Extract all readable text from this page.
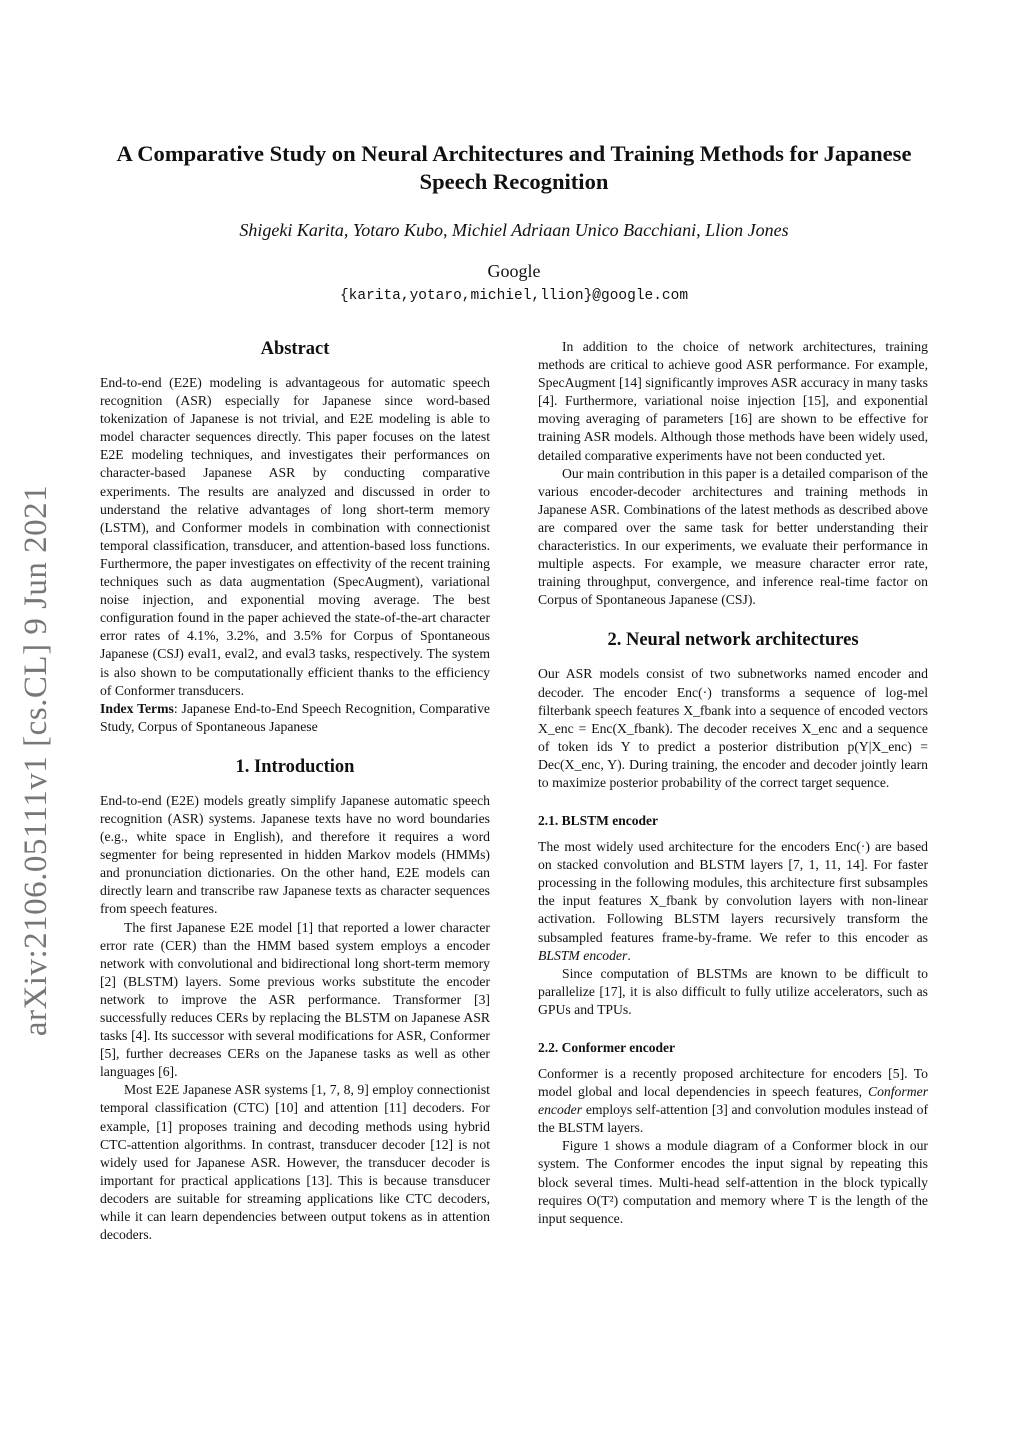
arXiv:2106.05111v1 [cs.CL] 9 Jun 2021
A Comparative Study on Neural Architectures and Training Methods for Japanese Speech Recognition
Shigeki Karita, Yotaro Kubo, Michiel Adriaan Unico Bacchiani, Llion Jones
Google
{karita,yotaro,michiel,llion}@google.com
Abstract

End-to-end (E2E) modeling is advantageous for automatic speech recognition (ASR) especially for Japanese since word-based tokenization of Japanese is not trivial, and E2E modeling is able to model character sequences directly. This paper focuses on the latest E2E modeling techniques, and investigates their performances on character-based Japanese ASR by conducting comparative experiments. The results are analyzed and discussed in order to understand the relative advantages of long short-term memory (LSTM), and Conformer models in combination with connectionist temporal classification, transducer, and attention-based loss functions. Furthermore, the paper investigates on effectivity of the recent training techniques such as data augmentation (SpecAugment), variational noise injection, and exponential moving average. The best configuration found in the paper achieved the state-of-the-art character error rates of 4.1%, 3.2%, and 3.5% for Corpus of Spontaneous Japanese (CSJ) eval1, eval2, and eval3 tasks, respectively. The system is also shown to be computationally efficient thanks to the efficiency of Conformer transducers.

Index Terms: Japanese End-to-End Speech Recognition, Comparative Study, Corpus of Spontaneous Japanese

1. Introduction

End-to-end (E2E) models greatly simplify Japanese automatic speech recognition (ASR) systems. Japanese texts have no word boundaries (e.g., white space in English), and therefore it requires a word segmenter for being represented in hidden Markov models (HMMs) and pronunciation dictionaries. On the other hand, E2E models can directly learn and transcribe raw Japanese texts as character sequences from speech features.

The first Japanese E2E model [1] that reported a lower character error rate (CER) than the HMM based system employs a encoder network with convolutional and bidirectional long short-term memory [2] (BLSTM) layers. Some previous works substitute the encoder network to improve the ASR performance. Transformer [3] successfully reduces CERs by replacing the BLSTM on Japanese ASR tasks [4]. Its successor with several modifications for ASR, Conformer [5], further decreases CERs on the Japanese tasks as well as other languages [6].

Most E2E Japanese ASR systems [1, 7, 8, 9] employ connectionist temporal classification (CTC) [10] and attention [11] decoders. For example, [1] proposes training and decoding methods using hybrid CTC-attention algorithms. In contrast, transducer decoder [12] is not widely used for Japanese ASR. However, the transducer decoder is important for practical applications [13]. This is because transducer decoders are suitable for streaming applications like CTC decoders, while it can learn dependencies between output tokens as in attention decoders.

In addition to the choice of network architectures, training methods are critical to achieve good ASR performance. For example, SpecAugment [14] significantly improves ASR accuracy in many tasks [4]. Furthermore, variational noise injection [15], and exponential moving averaging of parameters [16] are shown to be effective for training ASR models. Although those methods have been widely used, detailed comparative experiments have not been conducted yet.

Our main contribution in this paper is a detailed comparison of the various encoder-decoder architectures and training methods in Japanese ASR. Combinations of the latest methods as described above are compared over the same task for better understanding their characteristics. In our experiments, we evaluate their performance in multiple aspects. For example, we measure character error rate, training throughput, convergence, and inference real-time factor on Corpus of Spontaneous Japanese (CSJ).

2. Neural network architectures

Our ASR models consist of two subnetworks named encoder and decoder. The encoder Enc(·) transforms a sequence of log-mel filterbank speech features X_fbank into a sequence of encoded vectors X_enc = Enc(X_fbank). The decoder receives X_enc and a sequence of token ids Y to predict a posterior distribution p(Y|X_enc) = Dec(X_enc, Y). During training, the encoder and decoder jointly learn to maximize posterior probability of the correct target sequence.

2.1. BLSTM encoder

The most widely used architecture for the encoders Enc(·) are based on stacked convolution and BLSTM layers [7, 1, 11, 14]. For faster processing in the following modules, this architecture first subsamples the input features X_fbank by convolution layers with non-linear activation. Following BLSTM layers recursively transform the subsampled features frame-by-frame. We refer to this encoder as BLSTM encoder.

Since computation of BLSTMs are known to be difficult to parallelize [17], it is also difficult to fully utilize accelerators, such as GPUs and TPUs.

2.2. Conformer encoder

Conformer is a recently proposed architecture for encoders [5]. To model global and local dependencies in speech features, Conformer encoder employs self-attention [3] and convolution modules instead of the BLSTM layers.

Figure 1 shows a module diagram of a Conformer block in our system. The Conformer encodes the input signal by repeating this block several times. Multi-head self-attention in the block typically requires O(T²) computation and memory where T is the length of the input sequence.
